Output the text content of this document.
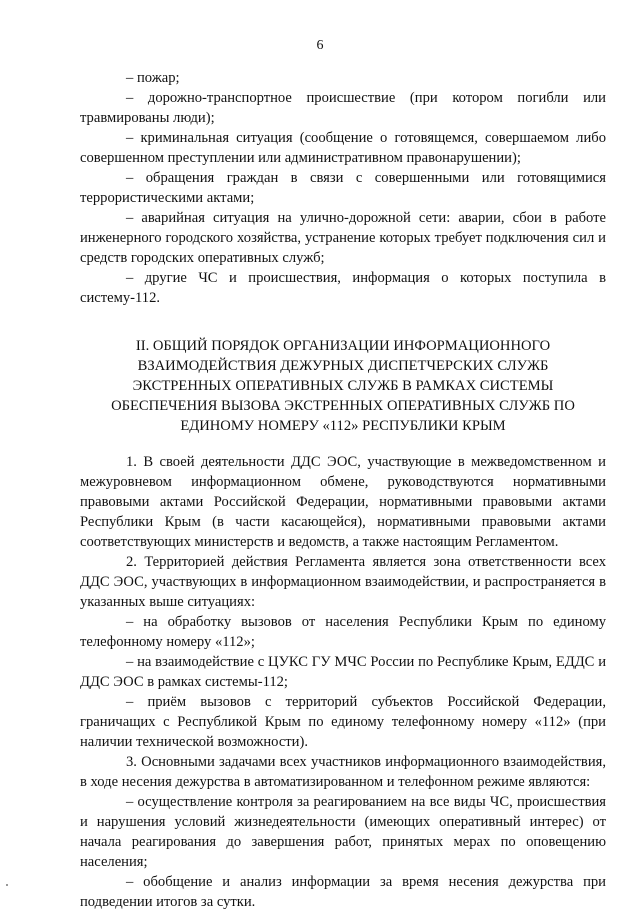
6

– пожар;

– дорожно-транспортное происшествие (при котором погибли или травмированы люди);

– криминальная ситуация (сообщение о готовящемся, совершаемом либо совершенном преступлении или административном правонарушении);

– обращения граждан в связи с совершенными или готовящимися террористическими актами;

– аварийная ситуация на улично-дорожной сети: аварии, сбои в работе инженерного городского хозяйства, устранение которых требует подключения сил и средств городских оперативных служб;

– другие ЧС и происшествия, информация о которых поступила в систему-112.

II. ОБЩИЙ ПОРЯДОК ОРГАНИЗАЦИИ ИНФОРМАЦИОННОГО
ВЗАИМОДЕЙСТВИЯ ДЕЖУРНЫХ ДИСПЕТЧЕРСКИХ СЛУЖБ
ЭКСТРЕННЫХ ОПЕРАТИВНЫХ СЛУЖБ В РАМКАХ СИСТЕМЫ
ОБЕСПЕЧЕНИЯ ВЫЗОВА ЭКСТРЕННЫХ ОПЕРАТИВНЫХ СЛУЖБ ПО
ЕДИНОМУ НОМЕРУ «112» РЕСПУБЛИКИ КРЫМ

1. В своей деятельности ДДС ЭОС, участвующие в межведомственном и межуровневом информационном обмене, руководствуются нормативными правовыми актами Российской Федерации, нормативными правовыми актами Республики Крым (в части касающейся), нормативными правовыми актами соответствующих министерств и ведомств, а также настоящим Регламентом.

2. Территорией действия Регламента является зона ответственности всех ДДС ЭОС, участвующих в информационном взаимодействии, и распространяется в указанных выше ситуациях:

– на обработку вызовов от населения Республики Крым по единому телефонному номеру «112»;

– на взаимодействие с ЦУКС ГУ МЧС России по Республике Крым, ЕДДС и ДДС ЭОС в рамках системы-112;

– приём вызовов с территорий субъектов Российской Федерации, граничащих с Республикой Крым по единому телефонному номеру «112» (при наличии технической возможности).

3. Основными задачами всех участников информационного взаимодействия, в ходе несения дежурства в автоматизированном и телефонном режиме являются:

– осуществление контроля за реагированием на все виды ЧС, происшествия и нарушения условий жизнедеятельности (имеющих оперативный интерес) от начала реагирования до завершения работ, принятых мерах по оповещению населения;

– обобщение и анализ информации за время несения дежурства при подведении итогов за сутки.
